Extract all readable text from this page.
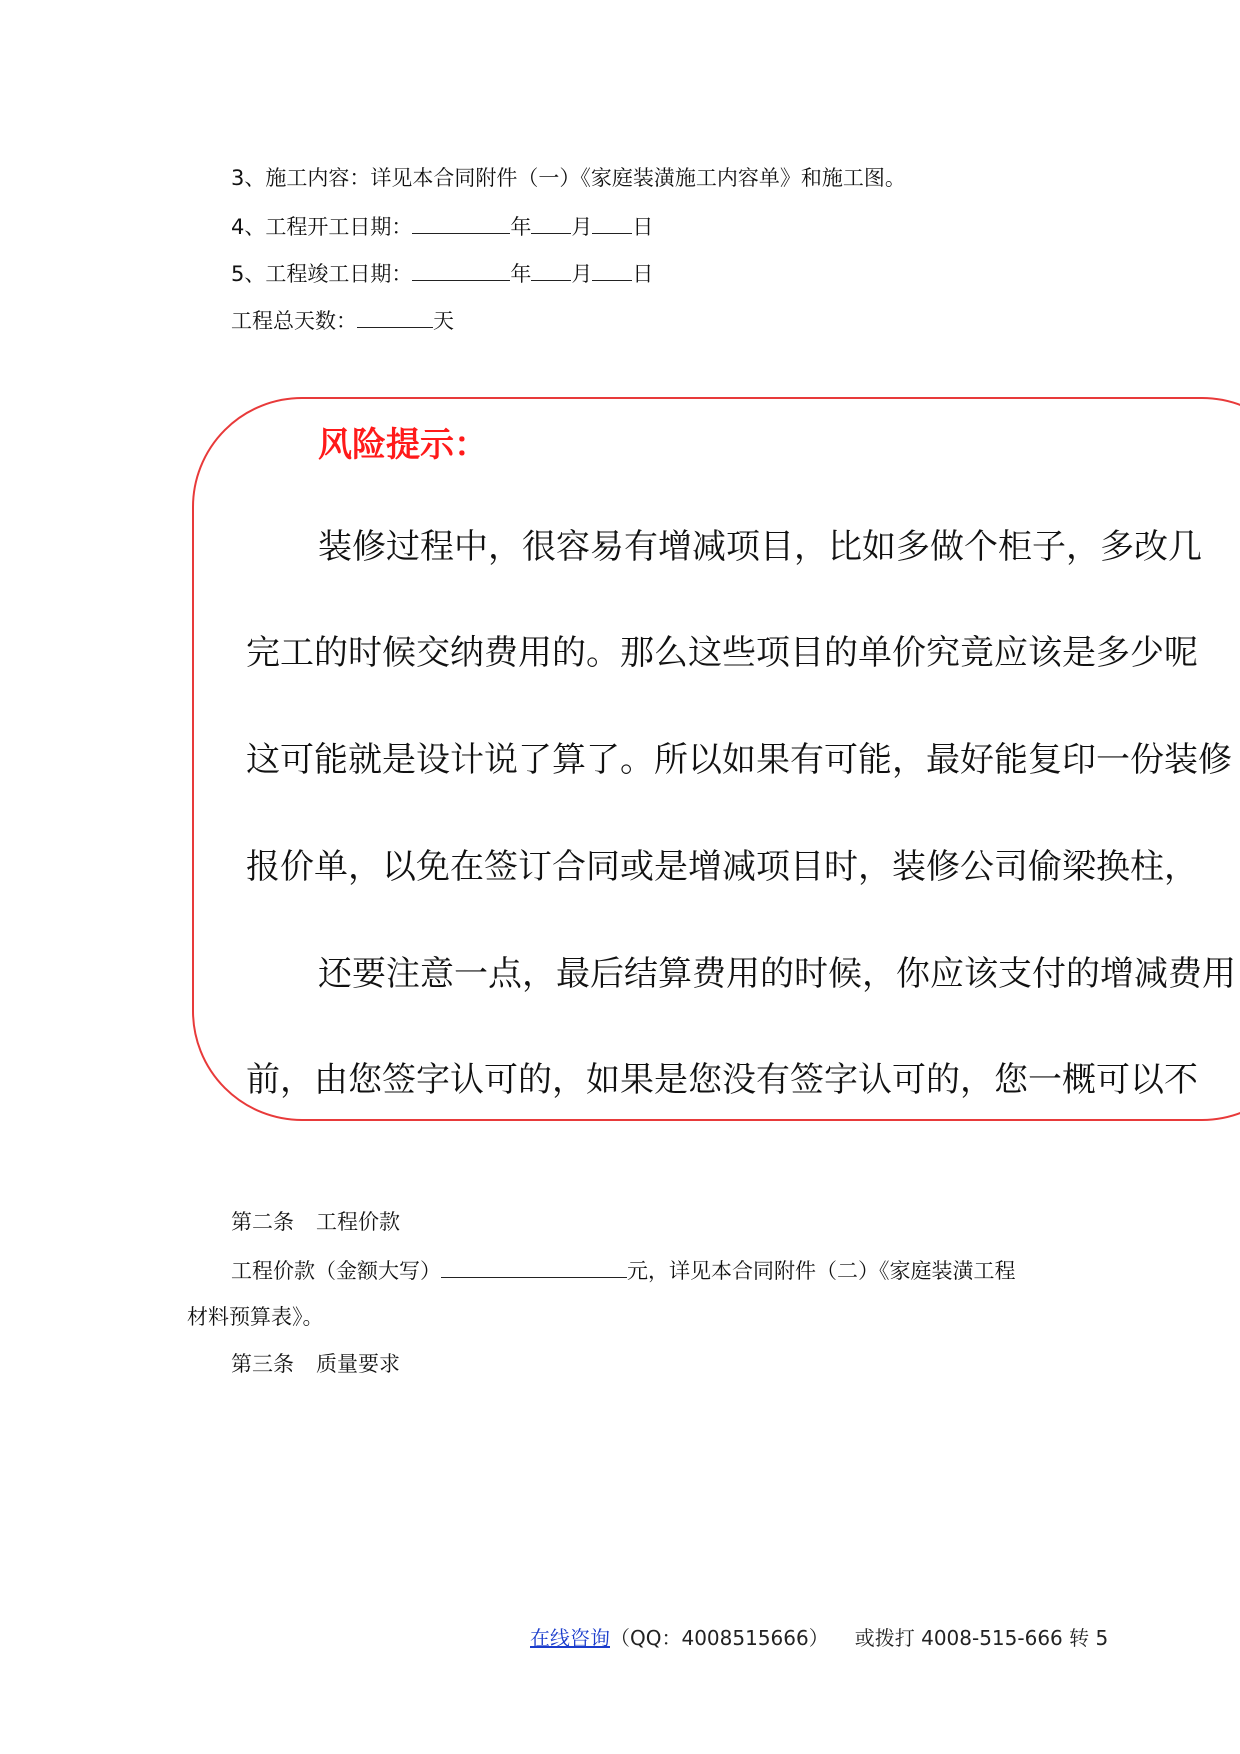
3、施工内容：详见本合同附件（一）《家庭装潢施工内容单》和施工图。
4、工程开工日期：	年 月 日
5、工程竣工日期：	年 月 日
工程总天数：	天
风险提示：
装修过程中，很容易有增减项目，比如多做个柜子，多改几
完工的时候交纳费用的。那么这些项目的单价究竟应该是多少呢
这可能就是设计说了算了。所以如果有可能，最好能复印一份装修
报价单，以免在签订合同或是增减项目时，装修公司偷梁换柱，
还要注意一点，最后结算费用的时候，你应该支付的增减费用
前，由您签字认可的，如果是您没有签字认可的，您一概可以不
第二条 工程价款
工程价款（金额大写）	元，详见本合同附件（二）《家庭装潢工程
材料预算表》。
第三条 质量要求
在线咨询（QQ：4008515666） 或拨打 4008-515-666 转 5
